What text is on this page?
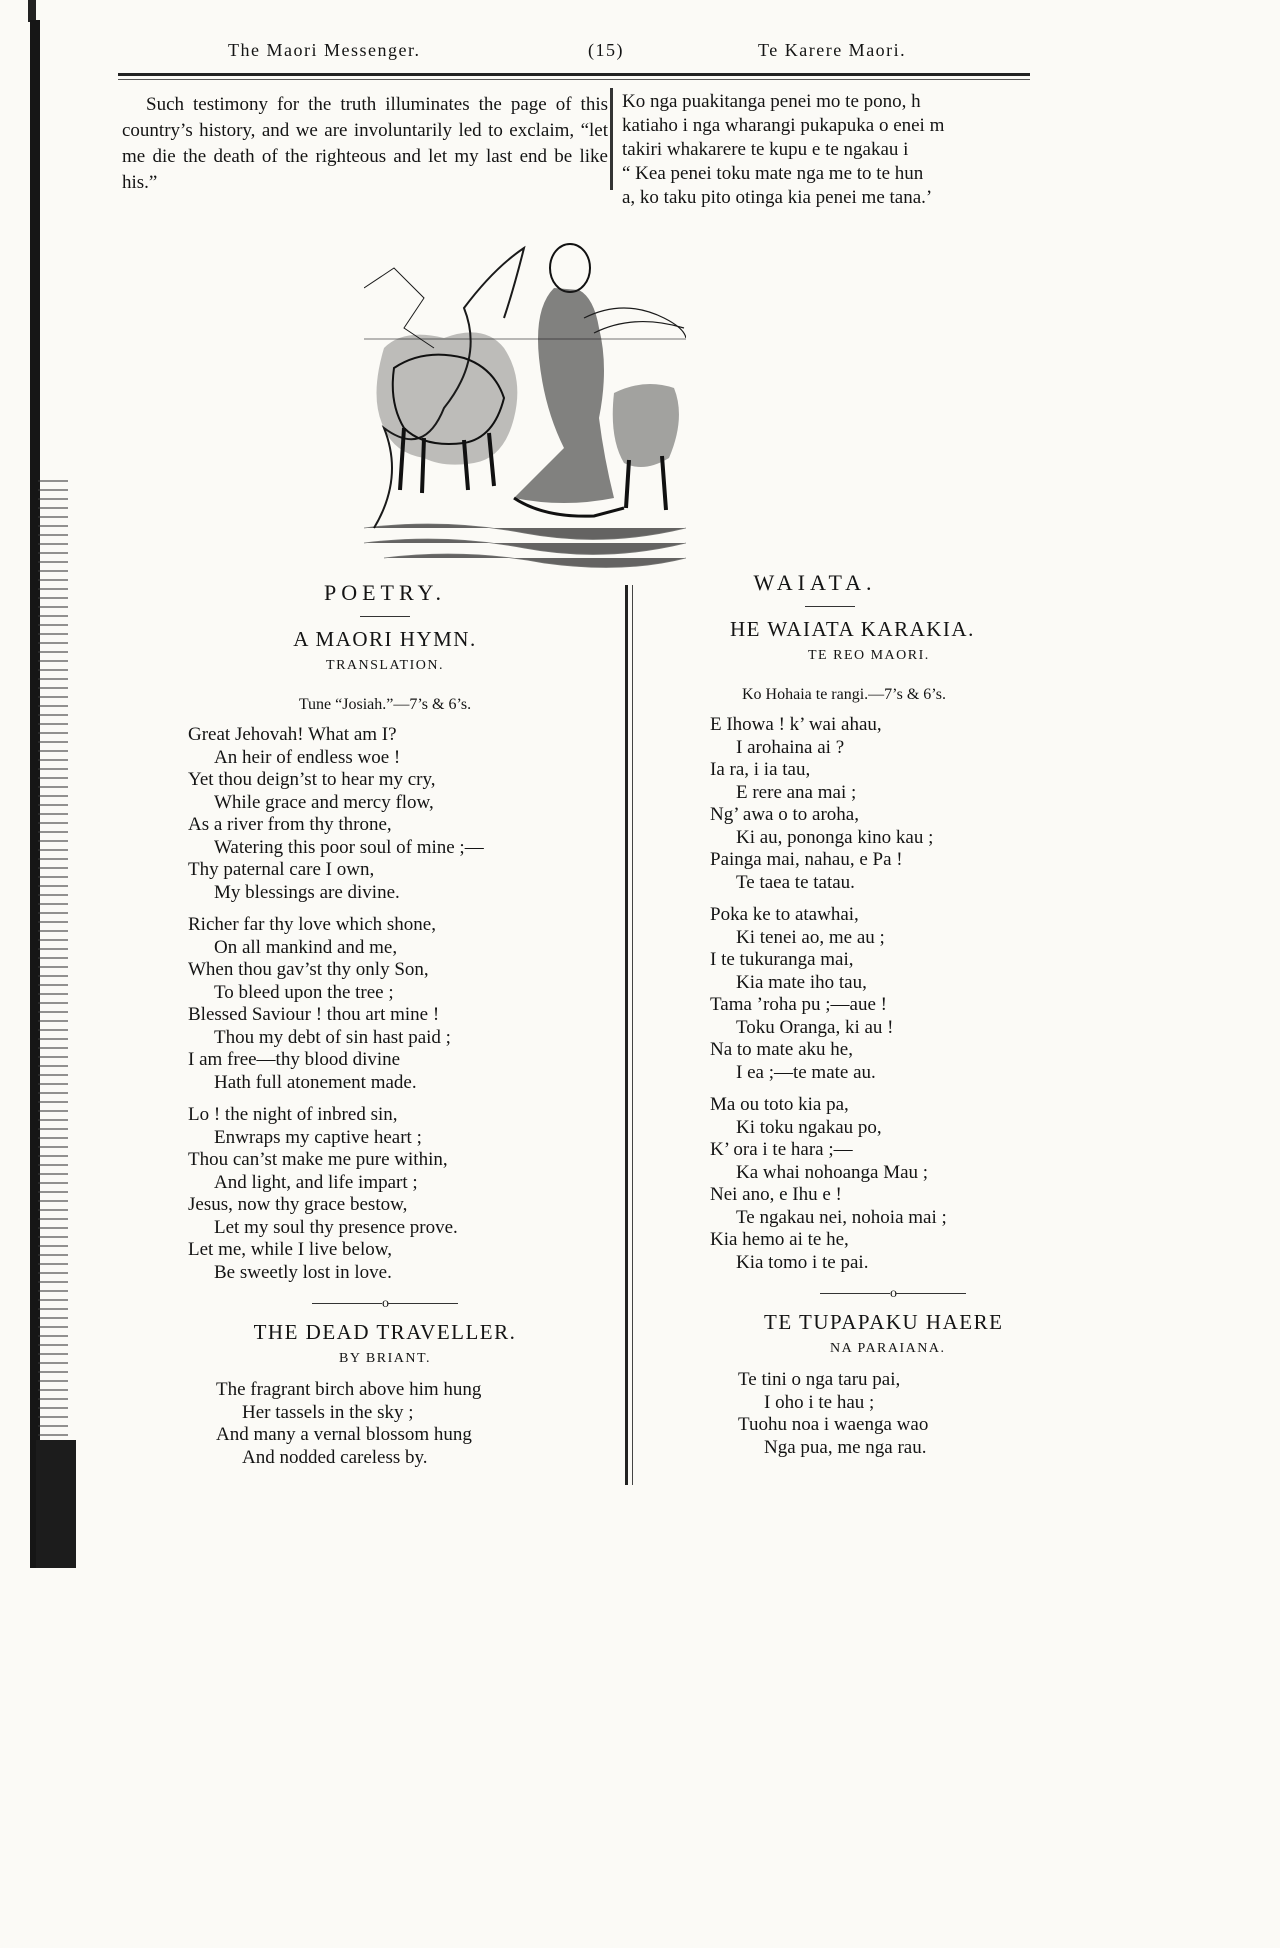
The Maori Messenger.	(15)	Te Karere Maori.

Such testimony for the truth illuminates the page of this country’s history, and we are involuntarily led to exclaim, “let me die the death of the righteous and let my last end be like his.”

Ko nga puakitanga penei mo te pono, h
katiaho i nga wharangi pukapuka o enei m
takiri whakarere te kupu e te ngakau i
“ Kea penei toku mate nga me to te hun
a, ko taku pito otinga kia penei me tana.’

POETRY.

A MAORI HYMN.

TRANSLATION.

Tune “Josiah.”—7’s & 6’s.

Great Jehovah! What am I?
An heir of endless woe !
Yet thou deign’st to hear my cry,
While grace and mercy flow,
As a river from thy throne,
Watering this poor soul of mine ;—
Thy paternal care I own,
My blessings are divine.
Richer far thy love which shone,
On all mankind and me,
When thou gav’st thy only Son,
To bleed upon the tree ;
Blessed Saviour ! thou art mine !
Thou my debt of sin hast paid ;
I am free—thy blood divine
Hath full atonement made.
Lo ! the night of inbred sin,
Enwraps my captive heart ;
Thou can’st make me pure within,
And light, and life impart ;
Jesus, now thy grace bestow,
Let my soul thy presence prove.
Let me, while I live below,
Be sweetly lost in love.

o

THE DEAD TRAVELLER.

BY BRIANT.

The fragrant birch above him hung
Her tassels in the sky ;
And many a vernal blossom hung
And nodded careless by.

WAIATA.

HE WAIATA KARAKIA.

TE REO MAORI.

Ko Hohaia te rangi.—7’s & 6’s.

E Ihowa ! k’ wai ahau,
I arohaina ai ?
Ia ra, i ia tau,
E rere ana mai ;
Ng’ awa o to aroha,
Ki au, pononga kino kau ;
Painga mai, nahau, e Pa !
Te taea te tatau.
Poka ke to atawhai,
Ki tenei ao, me au ;
I te tukuranga mai,
Kia mate iho tau,
Tama ’roha pu ;—aue !
Toku Oranga, ki au !
Na to mate aku he,
I ea ;—te mate au.
Ma ou toto kia pa,
Ki toku ngakau po,
K’ ora i te hara ;—
Ka whai nohoanga Mau ;
Nei ano, e Ihu e !
Te ngakau nei, nohoia mai ;
Kia hemo ai te he,
Kia tomo i te pai.

o

TE TUPAPAKU HAERE

NA PARAIANA.

Te tini o nga taru pai,
I oho i te hau ;
Tuohu noa i waenga wao
Nga pua, me nga rau.
